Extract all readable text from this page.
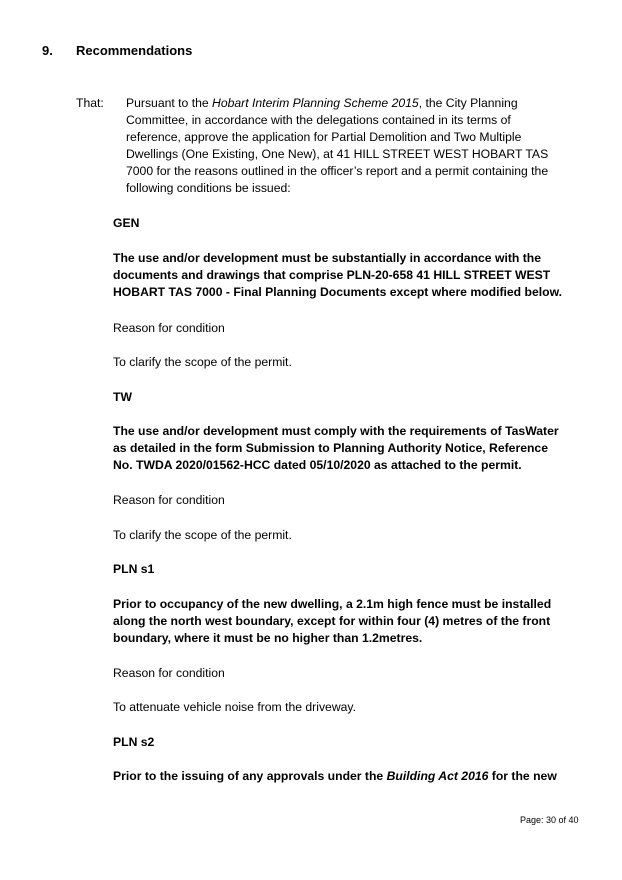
9. Recommendations
That: Pursuant to the Hobart Interim Planning Scheme 2015, the City Planning
Committee, in accordance with the delegations contained in its terms of
reference, approve the application for Partial Demolition and Two Multiple
Dwellings (One Existing, One New), at 41 HILL STREET WEST HOBART TAS
7000 for the reasons outlined in the officer’s report and a permit containing the
following conditions be issued:
GEN
The use and/or development must be substantially in accordance with the
documents and drawings that comprise PLN-20-658 41 HILL STREET WEST
HOBART TAS 7000 - Final Planning Documents except where modified below.
Reason for condition
To clarify the scope of the permit.
TW
The use and/or development must comply with the requirements of TasWater
as detailed in the form Submission to Planning Authority Notice, Reference
No. TWDA 2020/01562-HCC dated 05/10/2020 as attached to the permit.
Reason for condition
To clarify the scope of the permit.
PLN s1
Prior to occupancy of the new dwelling, a 2.1m high fence must be installed
along the north west boundary, except for within four (4) metres of the front
boundary, where it must be no higher than 1.2metres.
Reason for condition
To attenuate vehicle noise from the driveway.
PLN s2
Prior to the issuing of any approvals under the Building Act 2016 for the new
Page: 30 of 40
